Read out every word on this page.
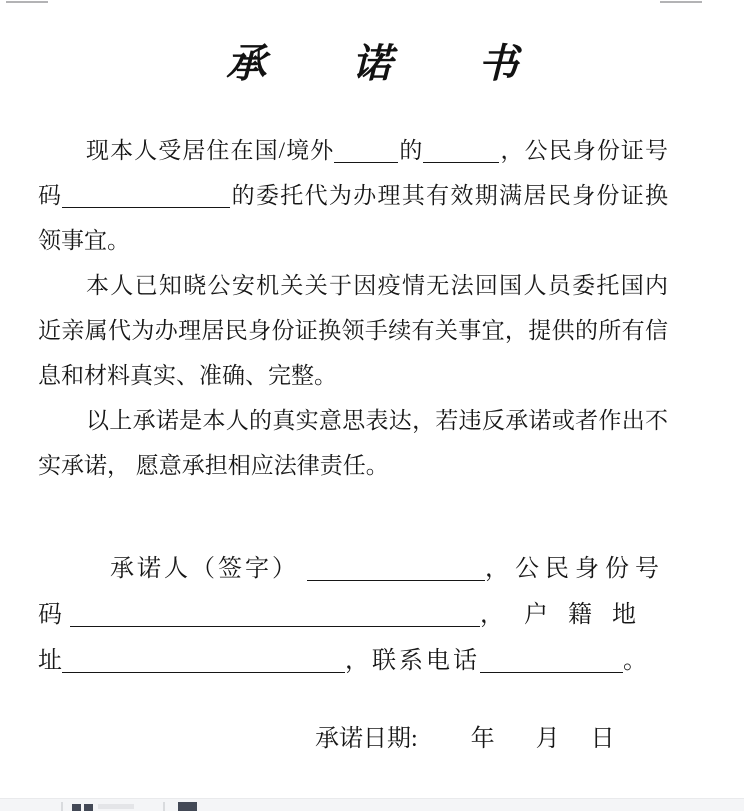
承 诺 书
现本人受居住在国/境外	的	，公民身份证号
码	的委托代为办理其有效期满居民身份证换
领事宜。
本人已知晓公安机关关于因疫情无法回国人员委托国内
近亲属代为办理居民身份证换领手续有关事宜，提供的所有信
息和材料真实、准确、完整。
以上承诺是本人的真实意思表达，若违反承诺或者作出不
实承诺， 愿意承担相应法律责任。
承诺人（签字）	，公民身份号
码	，户籍地
址	，联系电话	。
承诺日期: 年 月 日
